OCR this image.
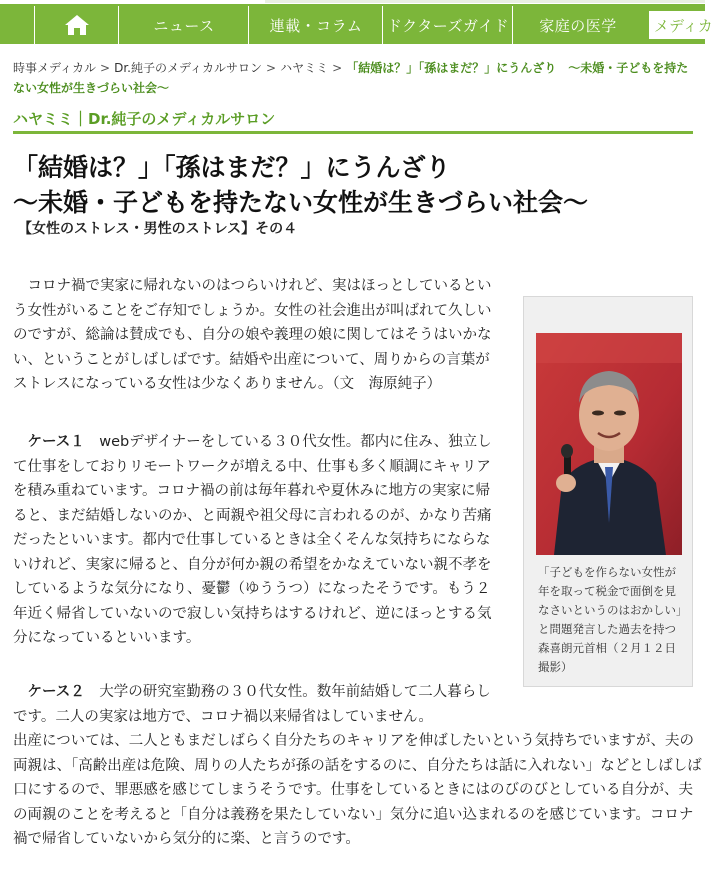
ニュース	連載・コラム	ドクターズガイド	家庭の医学	メディカ
時事メディカル > Dr.純子のメディカルサロン > ハヤミミ > 「結婚は？」「孫はまだ？」にうんざり　～未婚・子どもを持たない女性が生きづらい社会～
ハヤミミ｜Dr.純子のメディカルサロン
「結婚は？」「孫はまだ？」にうんざり
～未婚・子どもを持たない女性が生きづらい社会～
【女性のストレス・男性のストレス】その４
　コロナ禍で実家に帰れないのはつらいけれど、実はほっとしているという女性がいることをご存知でしょうか。女性の社会進出が叫ばれて久しいのですが、総論は賛成でも、自分の娘や義理の娘に関してはそうはいかない、ということがしばしばです。結婚や出産について、周りからの言葉がストレスになっている女性は少なくありません。（文　海原純子）
　ケース１　webデザイナーをしている３０代女性。都内に住み、独立して仕事をしておりリモートワークが増える中、仕事も多く順調にキャリアを積み重ねています。コロナ禍の前は毎年暮れや夏休みに地方の実家に帰ると、まだ結婚しないのか、と両親や祖父母に言われるのが、かなり苦痛だったといいます。都内で仕事しているときは全くそんな気持ちにならないけれど、実家に帰ると、自分が何か親の希望をかなえていない親不孝をしているような気分になり、憂鬱（ゆううつ）になったそうです。もう２年近く帰省していないので寂しい気持ちはするけれど、逆にほっとする気分になっているといいます。
　ケース２　大学の研究室勤務の３０代女性。数年前結婚して二人暮らしです。二人の実家は地方で、コロナ禍以来帰省はしていません。
出産については、二人ともまだしばらく自分たちのキャリアを伸ばしたいという気持ちでいますが、夫の両親は、「高齢出産は危険、周りの人たちが孫の話をするのに、自分たちは話に入れない」などとしばしば口にするので、罪悪感を感じてしまうそうです。仕事をしているときにはのびのびとしている自分が、夫の両親のことを考えると「自分は義務を果たしていない」気分に追い込まれるのを感じています。コロナ禍で帰省していないから気分的に楽、と言うのです。
「子どもを作らない女性が年を取って税金で面倒を見なさいというのはおかしい」と問題発言した過去を持つ森喜朗元首相（２月１２日撮影）
